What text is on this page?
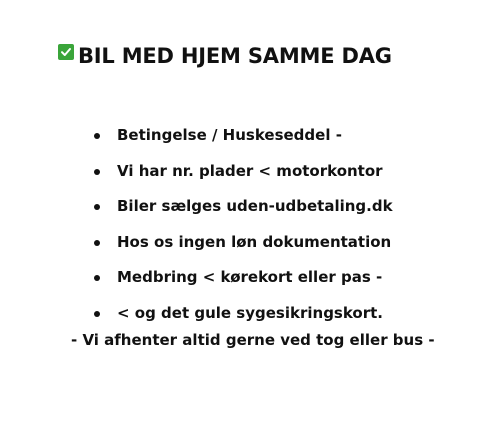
BIL MED HJEM SAMME DAG
Betingelse / Huskeseddel -
Vi har nr. plader < motorkontor
Biler sælges uden-udbetaling.dk
Hos os ingen løn dokumentation
Medbring < kørekort eller pas -
< og det gule sygesikringskort.
- Vi afhenter altid gerne ved tog eller bus -
